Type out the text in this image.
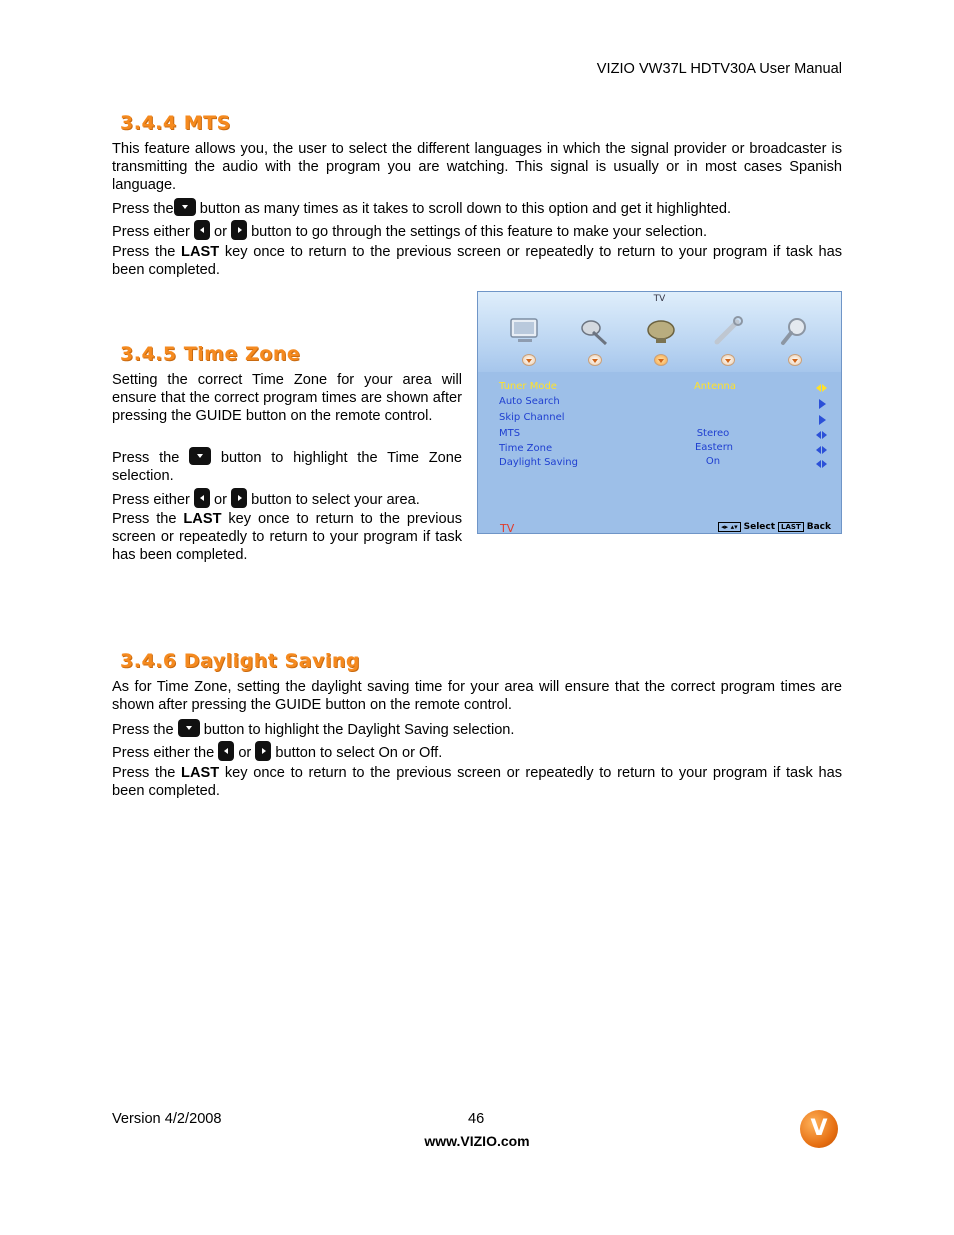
VIZIO VW37L HDTV30A User Manual
3.4.4 MTS

This feature allows you, the user to select the different languages in which the signal provider or broadcaster is transmitting the audio with the program you are watching. This signal is usually or in most cases Spanish language.

Press the button as many times as it takes to scroll down to this option and get it highlighted.

Press either  or  button to go through the settings of this feature to make your selection.

Press the LAST key once to return to the previous screen or repeatedly to return to your program if task has been completed.

3.4.5 Time Zone

Setting the correct Time Zone for your area will ensure that the correct program times are shown after pressing the GUIDE button on the remote control.

Press the  button to highlight the Time Zone selection.

Press either  or  button to select your area.

Press the LAST key once to return to the previous screen or repeatedly to return to your program if task has been completed.

TV
Tuner Mode	Antenna
Auto Search
Skip Channel
MTS	Stereo
Time Zone	Eastern
Daylight Saving	On
TV	◂▸ ▴▾ Select LAST Back
3.4.6 Daylight Saving

As for Time Zone, setting the daylight saving time for your area will ensure that the correct program times are shown after pressing the GUIDE button on the remote control.

Press the  button to highlight the Daylight Saving selection.

Press either the  or  button to select On or Off.

Press the LAST key once to return to the previous screen or repeatedly to return to your program if task has been completed.

Version 4/2/2008	46
www.VIZIO.com
V
